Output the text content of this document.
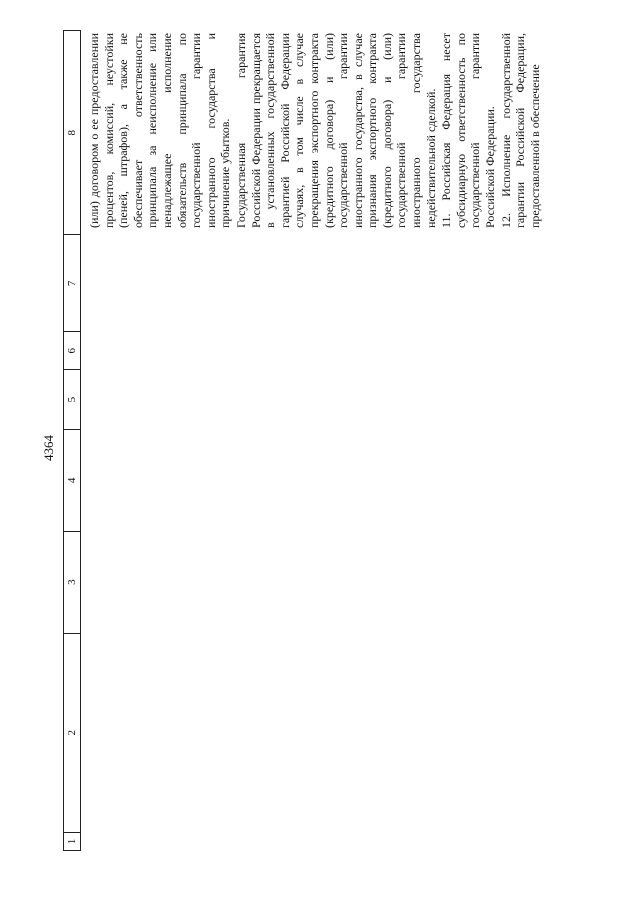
4364
1
2
3
4
5
6
7
8 (или) договором о ее предоставлении процентов, комиссий, неустойки (пеней, штрафов), а также не обеспечивает ответственность принципала за неисполнение или ненадлежащее исполнение обязательств принципала по государственной гарантии иностранного государства и причинение убытков. Государственная гарантия Российской Федерации прекращается в установленных государственной гарантией Российской Федерации случаях, в том числе в случае прекращения экспортного контракта (кредитного договора) и (или) государственной гарантии иностранного государства, в случае признания экспортного контракта (кредитного договора) и (или) государственной гарантии иностранного государства недействительной сделкой. 11. Российская Федерация несет субсидиарную ответственность по государственной гарантии Российской Федерации. 12. Исполнение государственной гарантии Российской Федерации, предоставленной в обеспечение
